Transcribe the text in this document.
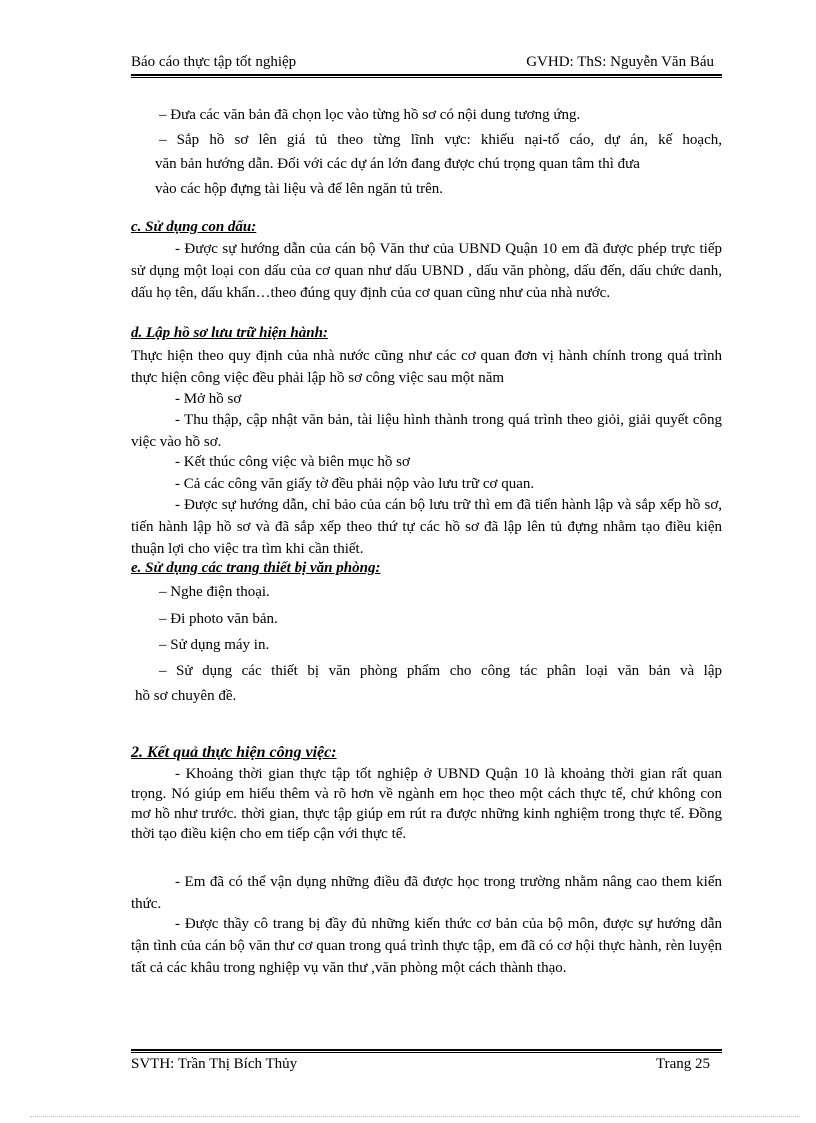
Báo cáo thực tập tốt nghiệp	GVHD: ThS: Nguyễn Văn Báu
– Đưa các văn bản đã chọn lọc vào từng hồ sơ có nội dung tương ứng.
– Sắp hồ sơ lên giá tủ theo từng lĩnh vực: khiếu nại-tố cáo, dự án, kế hoạch,
văn bản hướng dẫn. Đối với các dự án lớn đang được chú trọng quan tâm thì đưa
vào các hộp đựng tài liệu và để lên ngăn tủ trên.
c. Sử dụng con dấu:
- Được sự hướng dẫn của cán bộ Văn thư của UBND Quận 10 em đã được phép trực tiếp sử dụng một loại con dấu của cơ quan như dấu UBND , dấu văn phòng, dấu đến, dấu chức danh, dấu họ tên, dấu khẩn…theo đúng quy định của cơ quan cũng như của nhà nước.
d. Lập hồ sơ lưu trữ hiện hành:
Thực hiện theo quy định của nhà nước cũng như các cơ quan đơn vị hành chính trong quá trình thực hiện công việc đều phải lập hồ sơ công việc sau một năm
- Mở hồ sơ
- Thu thập, cập nhật văn bản, tài liệu hình thành trong quá trình theo giỏi, giải quyết công việc vào hồ sơ.
- Kết thúc công việc và biên mục hồ sơ
- Cả các công văn giấy tờ đều phải nộp vào lưu trữ cơ quan.
- Được sự hướng dẫn, chỉ bảo của cán bộ lưu trữ thì em đã tiến hành lập và sắp xếp hồ sơ, tiến hành lập hồ sơ và đã sắp xếp theo thứ tự các hồ sơ đã lập lên tủ đựng nhằm tạo điều kiện thuận lợi cho việc tra tìm khi cần thiết.
e. Sử dụng các trang thiết bị văn phòng:
– Nghe điện thoại.
– Đi photo văn bản.
– Sử dụng máy in.
– Sử dụng các thiết bị văn phòng phẩm cho công tác phân loại văn bản và lập
hồ sơ chuyên đề.
2. Kết quả thực hiện công việc:
- Khoảng thời gian thực tập tốt nghiệp ở UBND Quận 10 là khoảng thời gian rất quan trọng. Nó giúp em hiểu thêm và rõ hơn về ngành em học theo một cách thực tế, chứ không con mơ hồ như trước. thời gian, thực tập giúp em rút ra được những kinh nghiệm trong thực tế. Đồng thời tạo điều kiện cho em tiếp cận với thực tế.
- Em đã có thể vận dụng những điều đã được học trong trường nhằm nâng cao them kiến thức.
- Được thầy cô trang bị đầy đủ những kiến thức cơ bản của bộ môn, được sự hướng dẫn tận tình của cán bộ văn thư cơ quan trong quá trình thực tập, em đã có cơ hội thực hành, rèn luyện tất cả các khâu trong nghiệp vụ văn thư ,văn phòng một cách thành thạo.
SVTH: Trần Thị Bích Thủy	Trang 25
